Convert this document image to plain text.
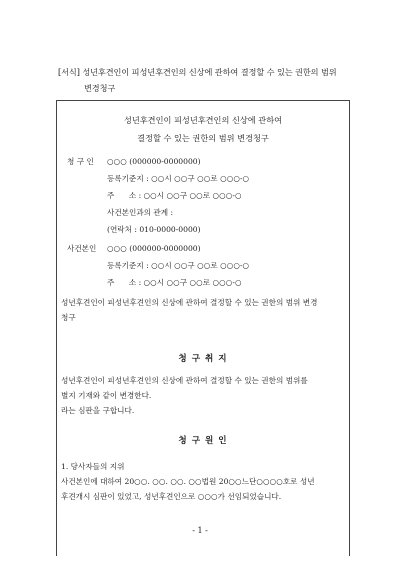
[서식] 성년후견인이 피성년후견인의 신상에 관하여 결정할 수 있는 권한의 범위
변경청구
성년후견인이 피성년후견인의 신상에 관하여
결정할 수 있는 권한의 범위 변경청구
청 구 인 ○○○ (000000-0000000)
등록기준지 : ○○시 ○○구 ○○로 ○○○-○
주      소 : ○○시 ○○구 ○○로 ○○○-○
사건본인과의 관계 :
(연락처 : 010-0000-0000)
사건본인 ○○○ (000000-0000000)
등록기준지 : ○○시 ○○구 ○○로 ○○○-○
주      소 : ○○시 ○○구 ○○로 ○○○-○
성년후견인이 피성년후견인의 신상에 관하여 결정할 수 있는 권한의 범위 변경
청구
청 구 취 지
성년후견인이 피성년후견인의 신상에 관하여 결정할 수 있는 권한의 범위를
별지 기재와 같이 변경한다.
라는 심판을 구합니다.
청 구 원 인
1. 당사자들의 지위
사건본인에 대하여 20○○. ○○. ○○. ○○법원 20○○느단○○○○호로 성년
후견개시 심판이 있었고, 성년후견인으로 ○○○가 선임되었습니다.
- 1 -
